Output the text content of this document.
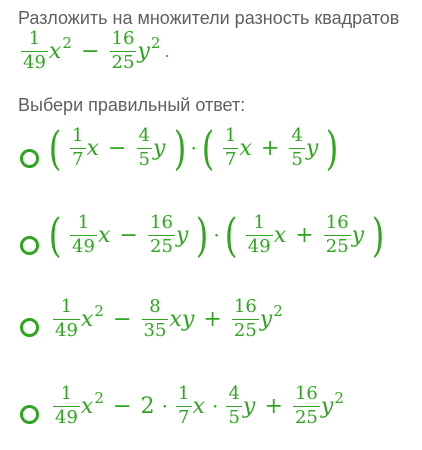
Разложить на множители разность квадратов
$\frac{1}{49} x^2 - \frac{16}{25} y^2$ .
Выбери правильный ответ:
( $\frac{1}{7}$ $x - \frac{4}{5}$ y ) · ( $\frac{1}{7}$ $x + \frac{4}{5}$ y )
( $\frac{1}{49}$ $x - \frac{16}{25}$ y ) · ( $\frac{1}{49}$ $x + \frac{16}{25}$ y )
$\frac{1}{49} x^2 - \frac{8}{35}$ xy + $\frac{16}{25} y^2$
$\frac{1}{49} x^2 - 2 \cdot \frac{1}{7}$ $x \cdot \frac{4}{5}$ $y + \frac{16}{25} y^2$
